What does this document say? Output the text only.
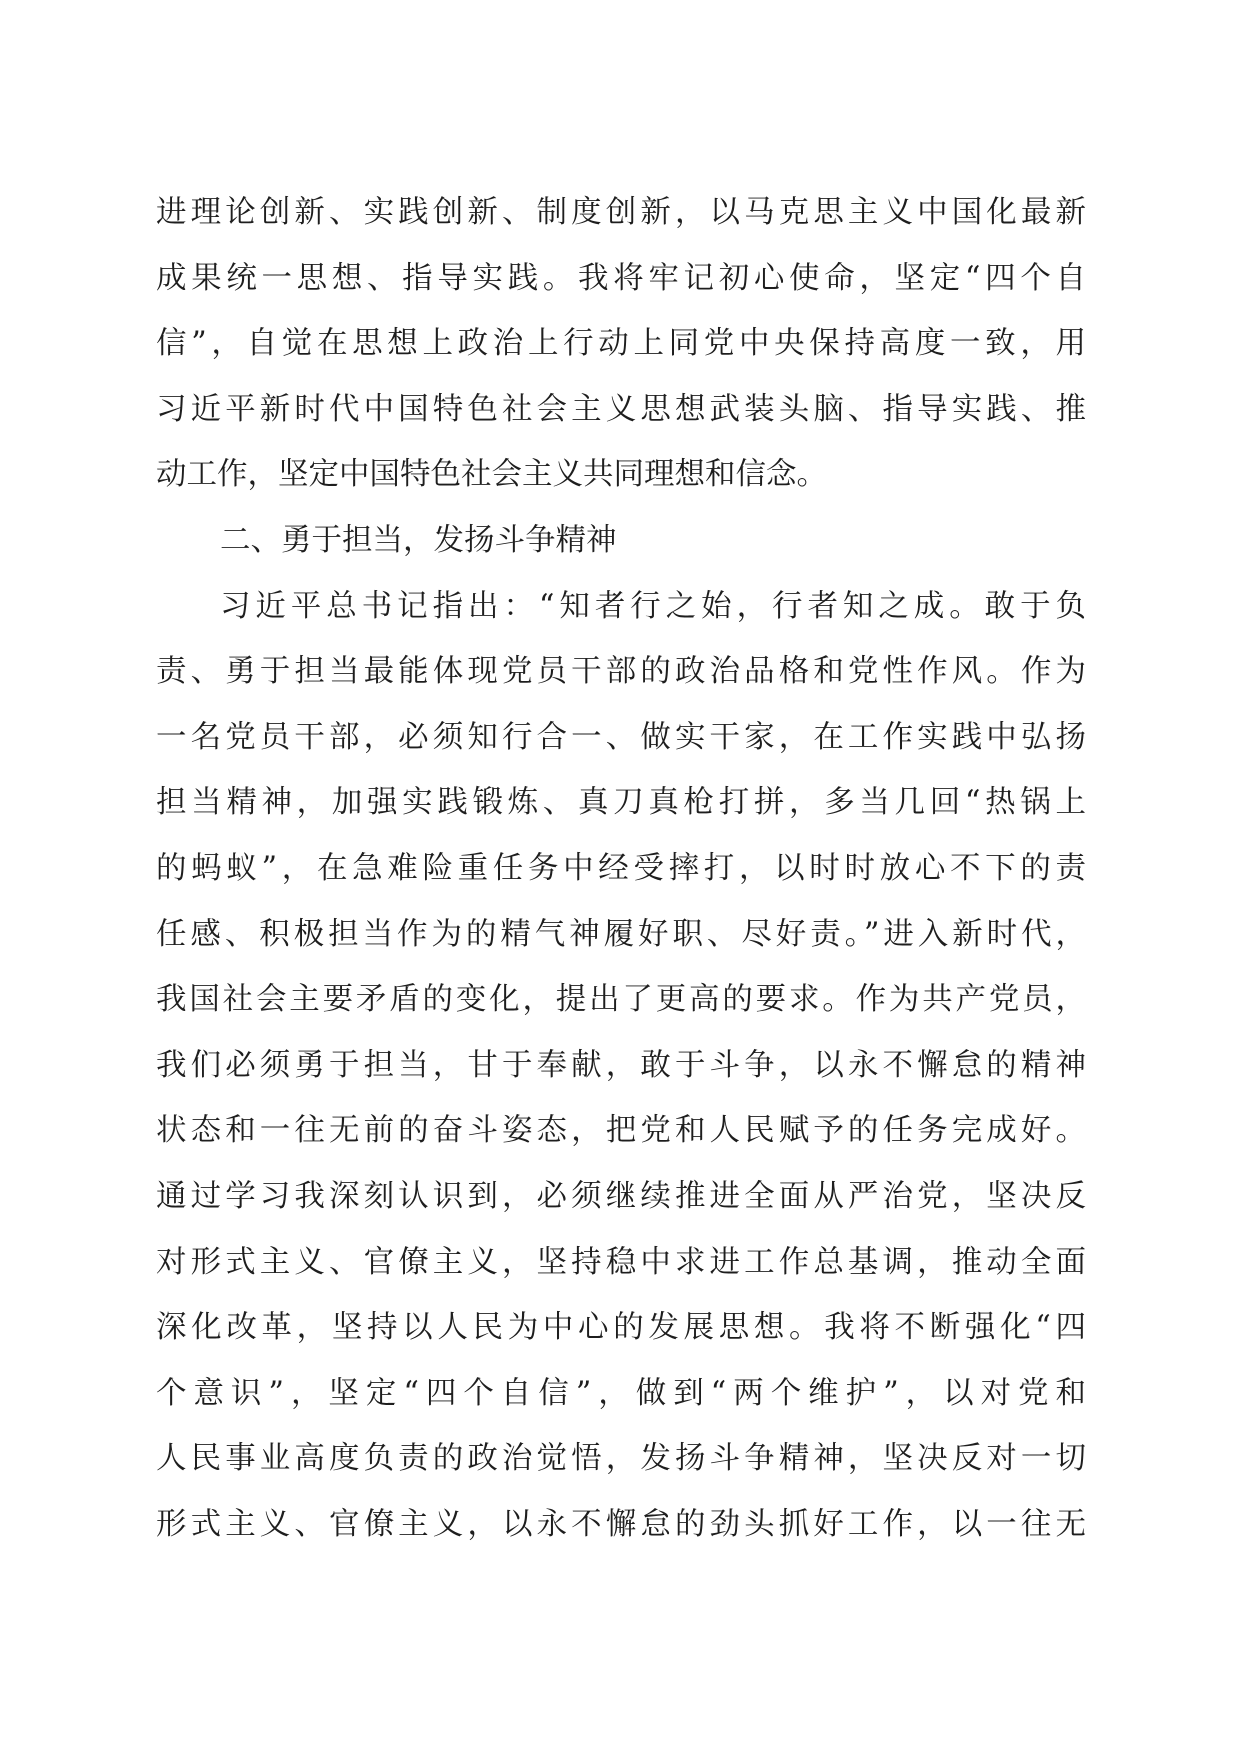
进理论创新、实践创新、制度创新，以马克思主义中国化最新
成果统一思想、指导实践。我将牢记初心使命，坚定“四个自
信”，自觉在思想上政治上行动上同党中央保持高度一致，用
习近平新时代中国特色社会主义思想武装头脑、指导实践、推
动工作，坚定中国特色社会主义共同理想和信念。
二、勇于担当，发扬斗争精神
习近平总书记指出：“知者行之始，行者知之成。敢于负
责、勇于担当最能体现党员干部的政治品格和党性作风。作为
一名党员干部，必须知行合一、做实干家，在工作实践中弘扬
担当精神，加强实践锻炼、真刀真枪打拼，多当几回“热锅上
的蚂蚁”，在急难险重任务中经受摔打，以时时放心不下的责
任感、积极担当作为的精气神履好职、尽好责。”进入新时代，
我国社会主要矛盾的变化，提出了更高的要求。作为共产党员，
我们必须勇于担当，甘于奉献，敢于斗争，以永不懈怠的精神
状态和一往无前的奋斗姿态，把党和人民赋予的任务完成好。
通过学习我深刻认识到，必须继续推进全面从严治党，坚决反
对形式主义、官僚主义，坚持稳中求进工作总基调，推动全面
深化改革，坚持以人民为中心的发展思想。我将不断强化“四
个意识”，坚定“四个自信”，做到“两个维护”，以对党和
人民事业高度负责的政治觉悟，发扬斗争精神，坚决反对一切
形式主义、官僚主义，以永不懈怠的劲头抓好工作，以一往无
